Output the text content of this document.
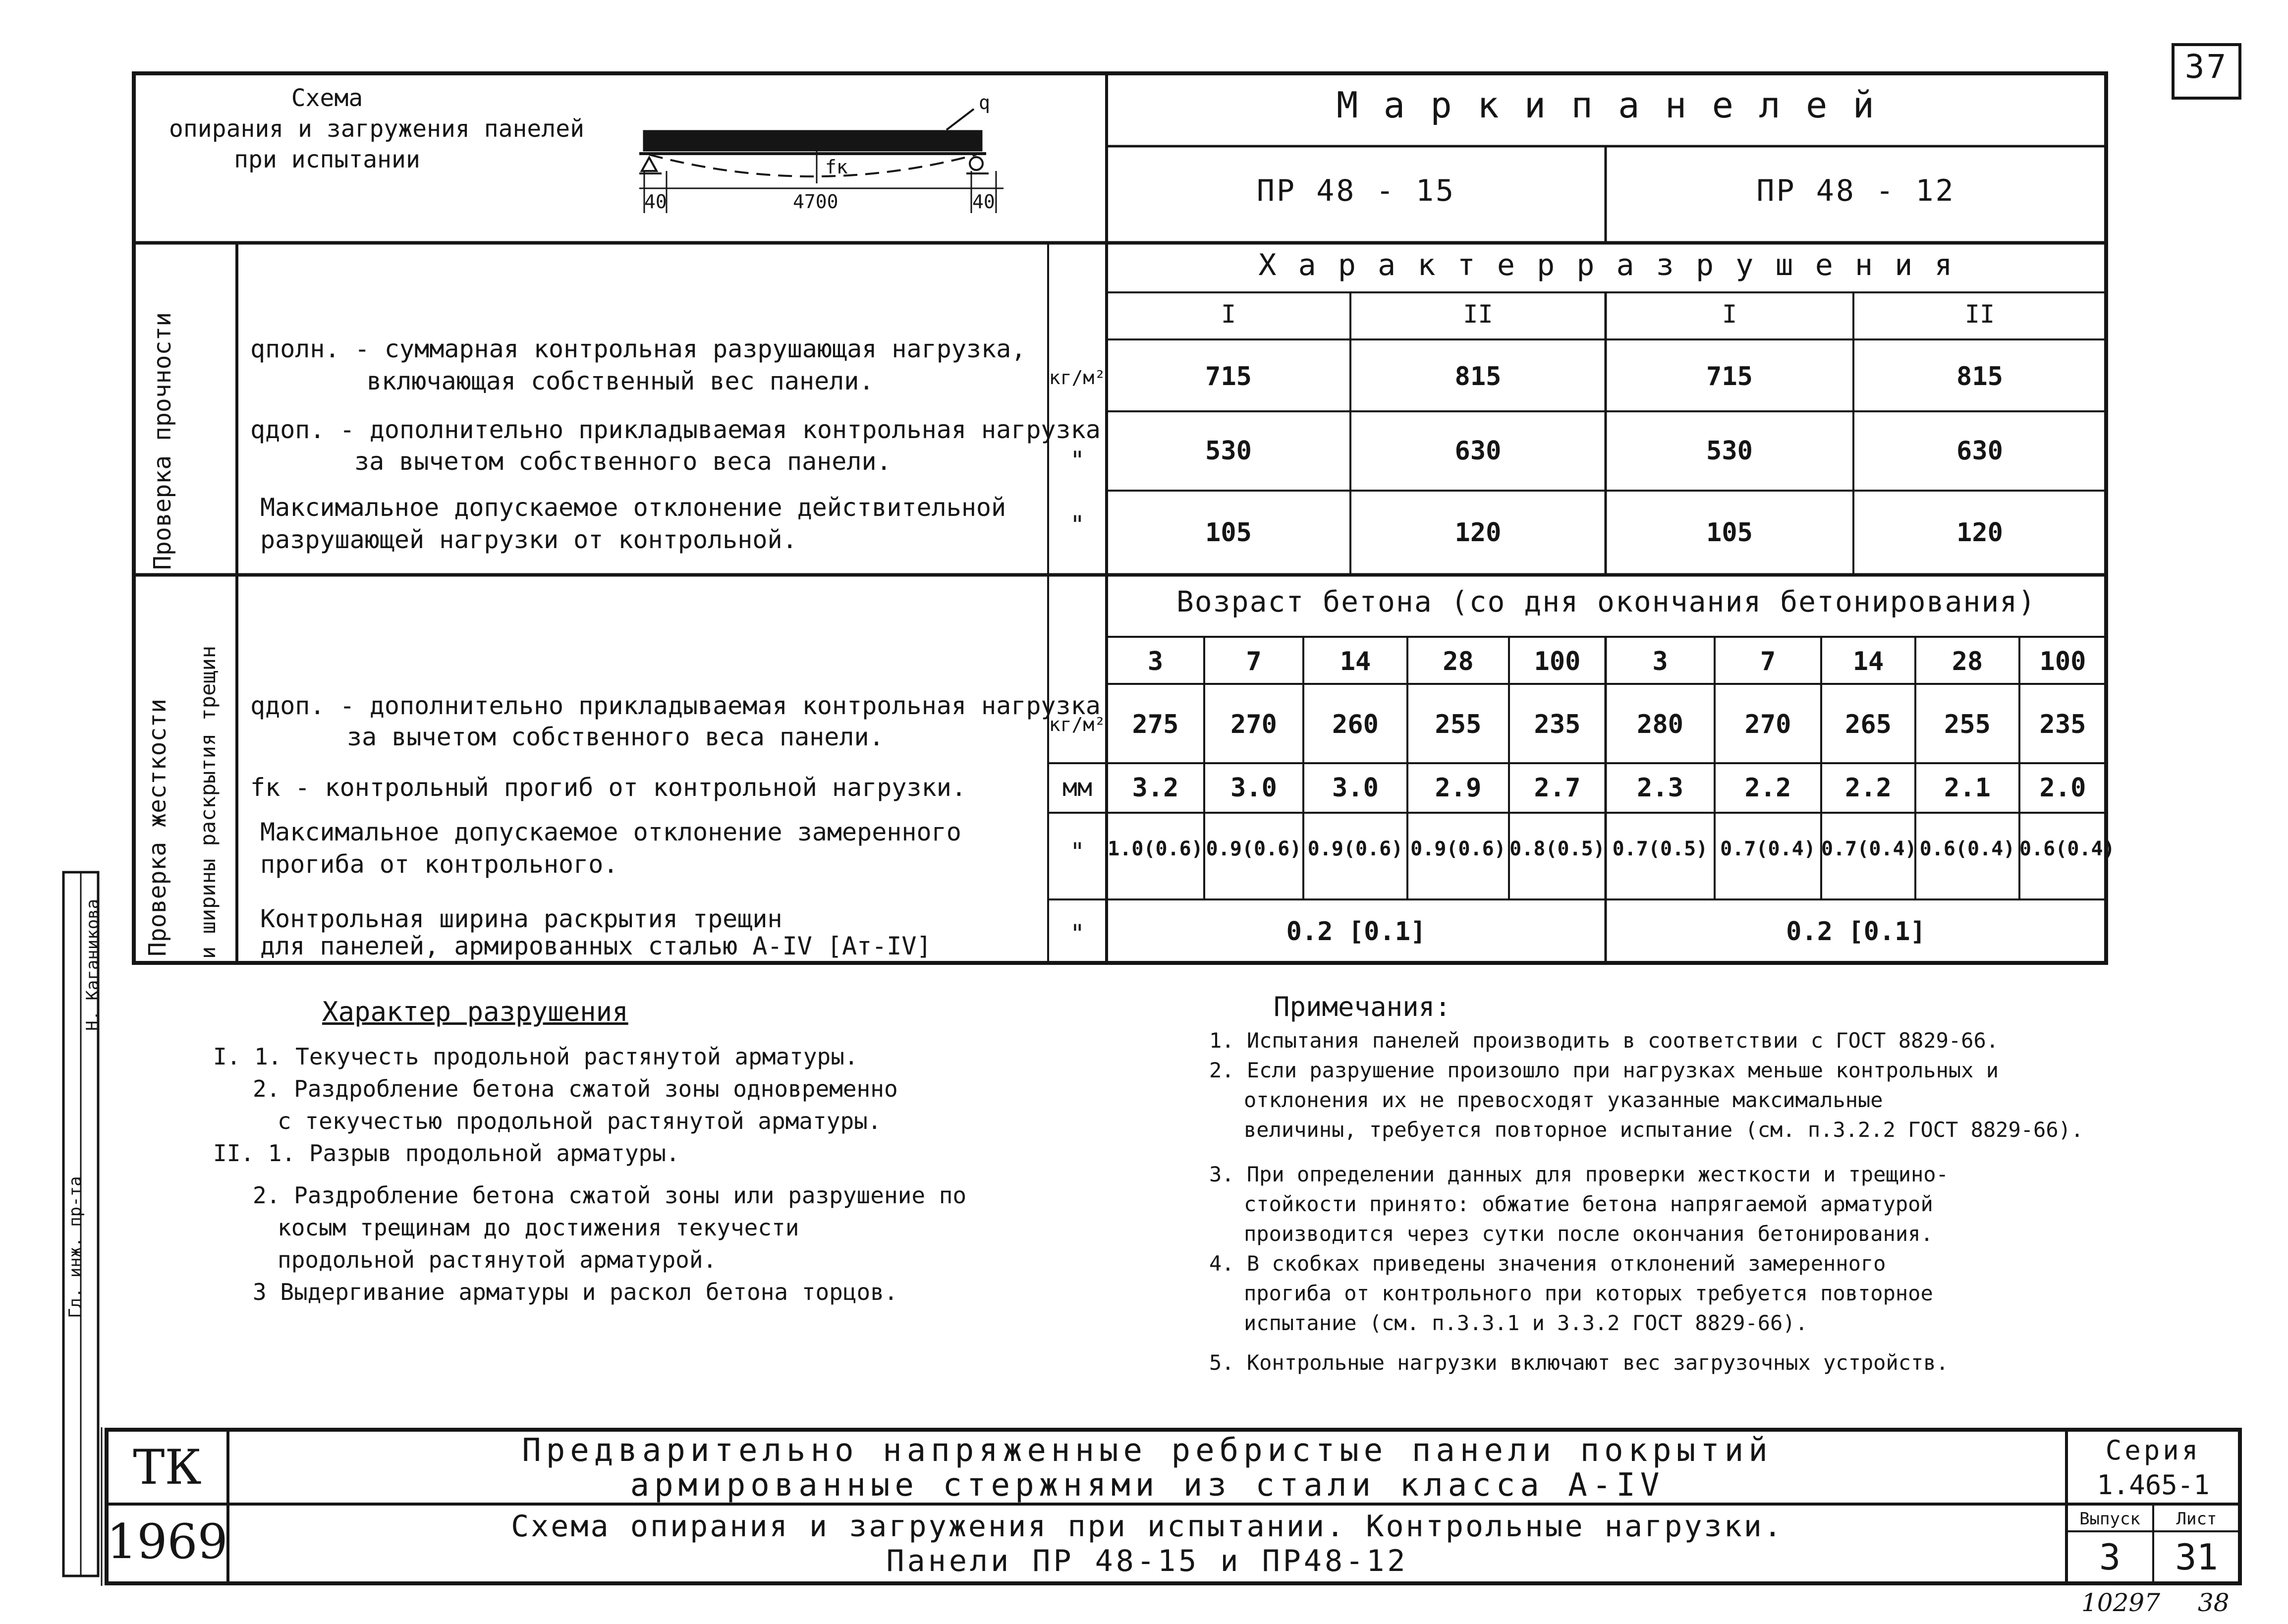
37
Схема
опирания и загружения панелей
при испытании
q
fк
40	4700	40
М а р к и п а н е л е й
ПР 48 - 15	ПР 48 - 12
Проверка прочности
Х а р а к т е р р а з р у ш е н и я
I	II	I	II
qполн. - суммарная контрольная разрушающая нагрузка,
включающая собственный вес панели.	кг/м²	715	815	715	815
qдоп. - дополнительно прикладываемая контрольная нагрузка
за вычетом собственного веса панели.	"	530	630	530	630
Максимальное допускаемое отклонение действительной
разрушающей нагрузки от контрольной.
"	105	120	105	120
Проверка жесткости и ширины раскрытия трещин
Возраст бетона (со дня окончания бетонирования)
3	7	14	28	100	3	7	14	28	100
qдоп. - дополнительно прикладываемая контрольная нагрузка
за вычетом собственного веса панели.	кг/м²	275	270	260	255	235	280	270	265	255	235
fк - контрольный прогиб от контрольной нагрузки.	мм	3.2	3.0	3.0	2.9	2.7	2.3	2.2	2.2	2.1	2.0
Максимальное допускаемое отклонение замеренного
прогиба от контрольного.	"	1.0(0.6) 0.9(0.6) 0.9(0.6) 0.9(0.6) 0.8(0.5) 0.7(0.5) 0.7(0.4) 0.7(0.4) 0.6(0.4) 0.6(0.4)
Контрольная ширина раскрытия трещин
для панелей, армированных сталью А-IV [Ат-IV]	"	0.2 [0.1]	0.2 [0.1]
Характер разрушения
I. 1. Текучесть продольной растянутой арматуры.
2. Раздробление бетона сжатой зоны одновременно
с текучестью продольной растянутой арматуры.
II. 1. Разрыв продольной арматуры.
2. Раздробление бетона сжатой зоны или разрушение по
косым трещинам до достижения текучести
продольной растянутой арматурой.
3 Выдергивание арматуры и раскол бетона торцов.
Примечания:
1. Испытания панелей производить в соответствии с ГОСТ 8829-66.
2. Если разрушение произошло при нагрузках меньше контрольных и
отклонения их не превосходят указанные максимальные
величины, требуется повторное испытание (см. п.3.2.2 ГОСТ 8829-66).
3. При определении данных для проверки жесткости и трещино-
стойкости принято: обжатие бетона напрягаемой арматурой
производится через сутки после окончания бетонирования.
4. В скобках приведены значения отклонений замеренного
прогиба от контрольного при которых требуется повторное
испытание (см. п.3.3.1 и 3.3.2 ГОСТ 8829-66).
5. Контрольные нагрузки включают вес загрузочных устройств.
Гл. инж. пр-та
Н. Каганикова
ТК
1969
Предварительно напряженные ребристые панели покрытий
армированные стержнями из стали класса А-IV
Схема опирания и загружения при испытании. Контрольные нагрузки.
Панели ПР 48-15 и ПР48-12
Серия
1.465-1
Выпуск	Лист
3	31
10297 38
